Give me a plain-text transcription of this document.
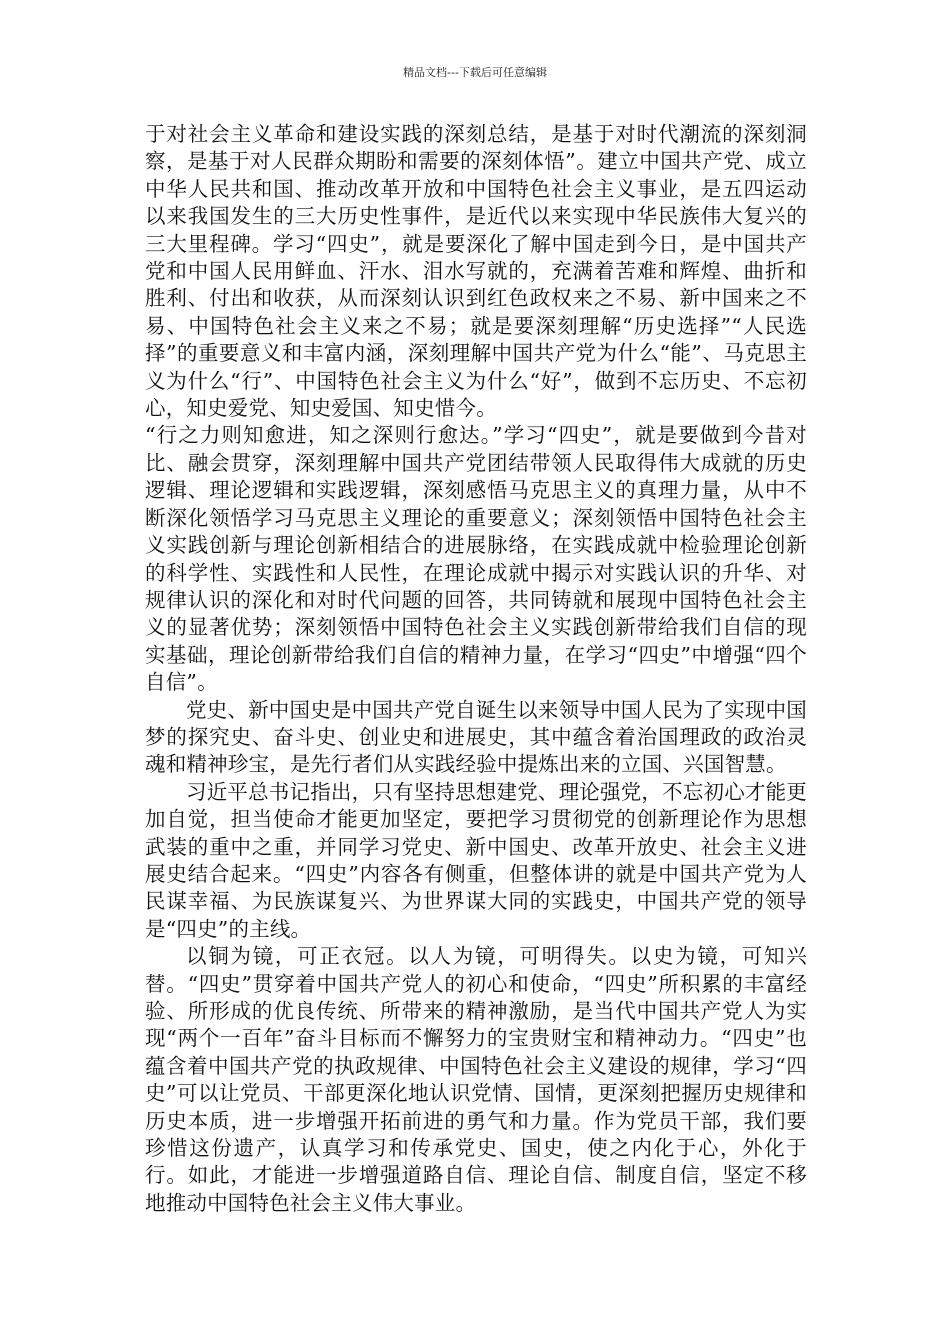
精品文档---下载后可任意编辑

于对社会主义革命和建设实践的深刻总结，是基于对时代潮流的深刻洞察，是基于对人民群众期盼和需要的深刻体悟”。建立中国共产党、成立中华人民共和国、推动改革开放和中国特色社会主义事业，是五四运动以来我国发生的三大历史性事件，是近代以来实现中华民族伟大复兴的三大里程碑。学习“四史”，就是要深化了解中国走到今日，是中国共产党和中国人民用鲜血、汗水、泪水写就的，充满着苦难和辉煌、曲折和胜利、付出和收获，从而深刻认识到红色政权来之不易、新中国来之不易、中国特色社会主义来之不易；就是要深刻理解“历史选择”“人民选择”的重要意义和丰富内涵，深刻理解中国共产党为什么“能”、马克思主义为什么“行”、中国特色社会主义为什么“好”，做到不忘历史、不忘初心，知史爱党、知史爱国、知史惜今。

“行之力则知愈进，知之深则行愈达。”学习“四史”，就是要做到今昔对比、融会贯穿，深刻理解中国共产党团结带领人民取得伟大成就的历史逻辑、理论逻辑和实践逻辑，深刻感悟马克思主义的真理力量，从中不断深化领悟学习马克思主义理论的重要意义；深刻领悟中国特色社会主义实践创新与理论创新相结合的进展脉络，在实践成就中检验理论创新的科学性、实践性和人民性，在理论成就中揭示对实践认识的升华、对规律认识的深化和对时代问题的回答，共同铸就和展现中国特色社会主义的显著优势；深刻领悟中国特色社会主义实践创新带给我们自信的现实基础，理论创新带给我们自信的精神力量，在学习“四史”中增强“四个自信”。

党史、新中国史是中国共产党自诞生以来领导中国人民为了实现中国梦的探究史、奋斗史、创业史和进展史，其中蕴含着治国理政的政治灵魂和精神珍宝，是先行者们从实践经验中提炼出来的立国、兴国智慧。

习近平总书记指出，只有坚持思想建党、理论强党，不忘初心才能更加自觉，担当使命才能更加坚定，要把学习贯彻党的创新理论作为思想武装的重中之重，并同学习党史、新中国史、改革开放史、社会主义进展史结合起来。“四史”内容各有侧重，但整体讲的就是中国共产党为人民谋幸福、为民族谋复兴、为世界谋大同的实践史，中国共产党的领导是“四史”的主线。

以铜为镜，可正衣冠。以人为镜，可明得失。以史为镜，可知兴替。“四史”贯穿着中国共产党人的初心和使命，“四史”所积累的丰富经验、所形成的优良传统、所带来的精神激励，是当代中国共产党人为实现“两个一百年”奋斗目标而不懈努力的宝贵财宝和精神动力。“四史”也蕴含着中国共产党的执政规律、中国特色社会主义建设的规律，学习“四史”可以让党员、干部更深化地认识党情、国情，更深刻把握历史规律和历史本质，进一步增强开拓前进的勇气和力量。作为党员干部，我们要珍惜这份遗产，认真学习和传承党史、国史，使之内化于心，外化于行。如此，才能进一步增强道路自信、理论自信、制度自信，坚定不移地推动中国特色社会主义伟大事业。
